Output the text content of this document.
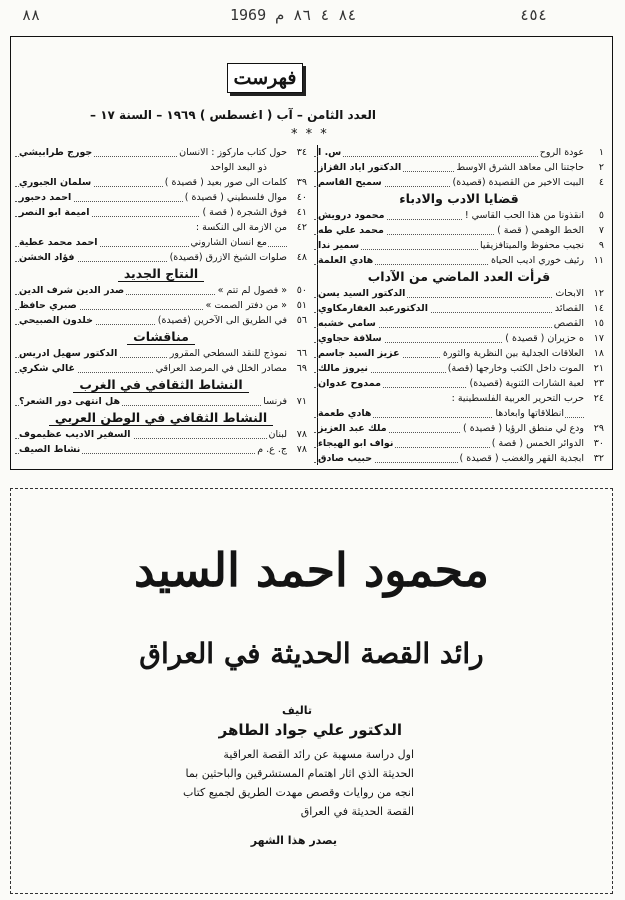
٨٨	٨٤ ٤ ٨٦ م 1969	٤٥٤
فهرست
العدد الثامن – آب ( اغسطس ) ١٩٦٩ – السنة ١٧ –
* * *
١
عودة الروح
س. ا
٢
حاجتنا الى معاهد الشرق الاوسط
الدكتور اياد القزاز
٤
البيت الاخير من القصيدة (قصيدة)
سميح القاسم
قضايا الادب والادباء
٥
انقذونا من هذا الحب القاسي !
محمود درويش
٧
الخط الوهمي ( قصة )
محمد علي طه
٩
نجيب محفوظ والميتافزيقيا
سمير ندا
١١
رئيف خوري اديب الحياة
هادي العلمة
قرأت العدد الماضي من الآداب
١٢
الابحاث
الدكتور السيد يسن
١٤
القصائد
الدكتورعبد الغفارمكاوي
١٥
القصص
سامي خشبه
١٧
ه حزيران ( قصيدة )
سلافة حجاوي
١٨
العلاقات الجدلية بين النظرية والثورة
عزيز السيد جاسم
٢١
الموت داخل الكتب وخارجها (قصة)
نيروز مالك
٢٣
لعبة الشارات الثنوية (قصيدة)
ممدوح عدوان
٢٤
حرب التحرير العربية الفلسطينية :
انطلاقاتها وابعادها
هادي طعمة
٢٩
ودع لي منطق الرؤيا ( قصيدة )
ملك عبد العزيز
٣٠
الدوائر الخمس ( قصة )
نواف ابو الهيجاء
٣٢
ابجدية القهر والغضب ( قصيدة )
حبيب صادق
٣٤
حول كتاب ماركوز : الانسان
جورج طرابيشي
ذو البعد الواحد
٣٩
كلمات الى صور بعيد ( قصيدة )
سلمان الجبوري
٤٠
موال فلسطيني ( قصيدة )
احمد دحبور
٤١
فوق الشجرة ( قصة )
اميمة ابو النصر
٤٢
من الازمة الى النكسة :
مع انسان الشاروني
احمد محمد عطية
٤٨
صلوات الشيخ الازرق (قصيدة)
فؤاد الخشن
النتاج الجديد
٥٠
« فصول لم تتم »
صدر الدين شرف الدين
٥١
« من دفتر الصمت »
صبري حافظ
٥٦
في الطريق الى الآخرين (قصيدة)
خلدون الصبيحي
مناقشات
٦٦
نموذج للنقد السطحي المقرور
الدكتور سهيل ادريس
٦٩
مصادر الخلل في المرصد العراقي
غالي شكري
النشاط الثقافي في الغرب
٧١
فرنسا
هل انتهى دور الشعر؟
النشاط الثقافي في الوطن العربي
٧٨
لبنان
السفير الاديب عظيموف
٧٨
ج. ع. م
نشاط الصيف
محمود احمد السيد
رائد القصة الحديثة في العراق
تاليف
الدكتور علي جواد الطاهر
اول دراسة مسهبة عن رائد القصة العراقية
الحديثة الذي اثار اهتمام المستشرقين والباحثين بما
انجه من روايات وقصص مهدت الطريق لجميع كتاب
القصة الحديثة في العراق
يصدر هذا الشهر
